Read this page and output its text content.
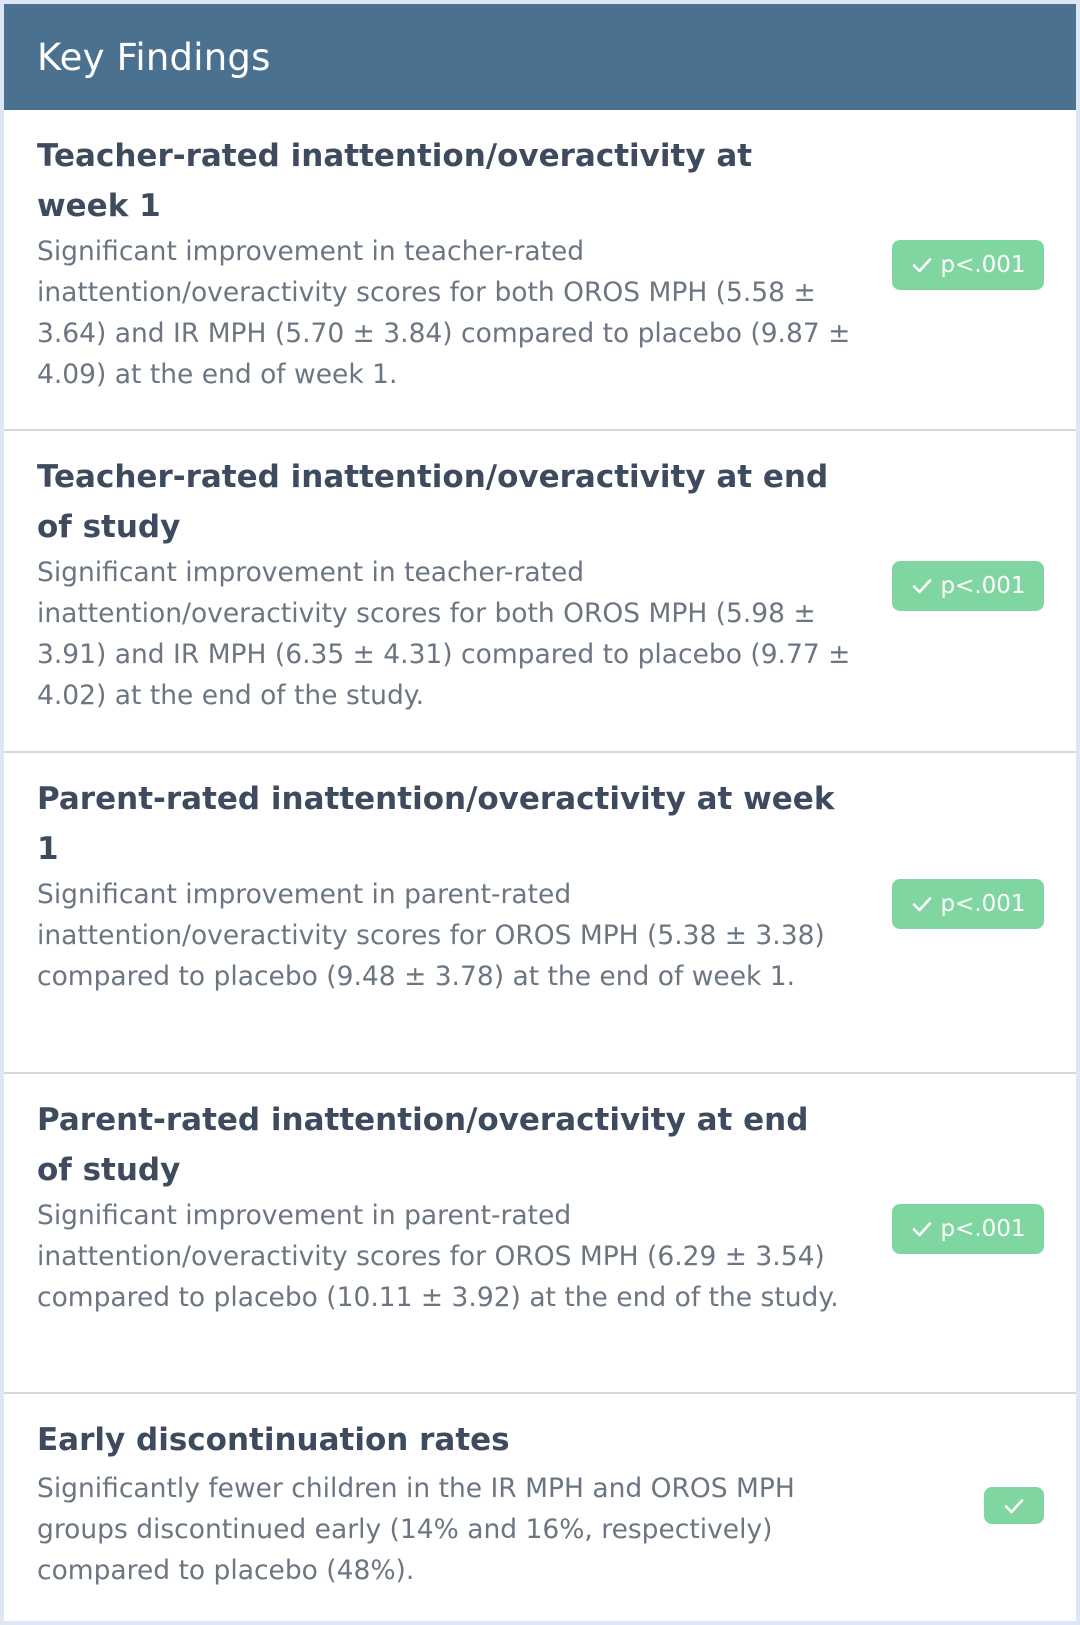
Key Findings
Teacher-rated inattention/overactivity at week 1

Significant improvement in teacher-rated inattention/overactivity scores for both OROS MPH (5.58 ± 3.64) and IR MPH (5.70 ± 3.84) compared to placebo (9.87 ± 4.09) at the end of week 1.

p<.001
Teacher-rated inattention/overactivity at end of study

Significant improvement in teacher-rated inattention/overactivity scores for both OROS MPH (5.98 ± 3.91) and IR MPH (6.35 ± 4.31) compared to placebo (9.77 ± 4.02) at the end of the study.

p<.001
Parent-rated inattention/overactivity at week 1

Significant improvement in parent-rated inattention/overactivity scores for OROS MPH (5.38 ± 3.38) compared to placebo (9.48 ± 3.78) at the end of week 1.

p<.001
Parent-rated inattention/overactivity at end of study

Significant improvement in parent-rated inattention/overactivity scores for OROS MPH (6.29 ± 3.54) compared to placebo (10.11 ± 3.92) at the end of the study.

p<.001
Early discontinuation rates

Significantly fewer children in the IR MPH and OROS MPH groups discontinued early (14% and 16%, respectively) compared to placebo (48%).
